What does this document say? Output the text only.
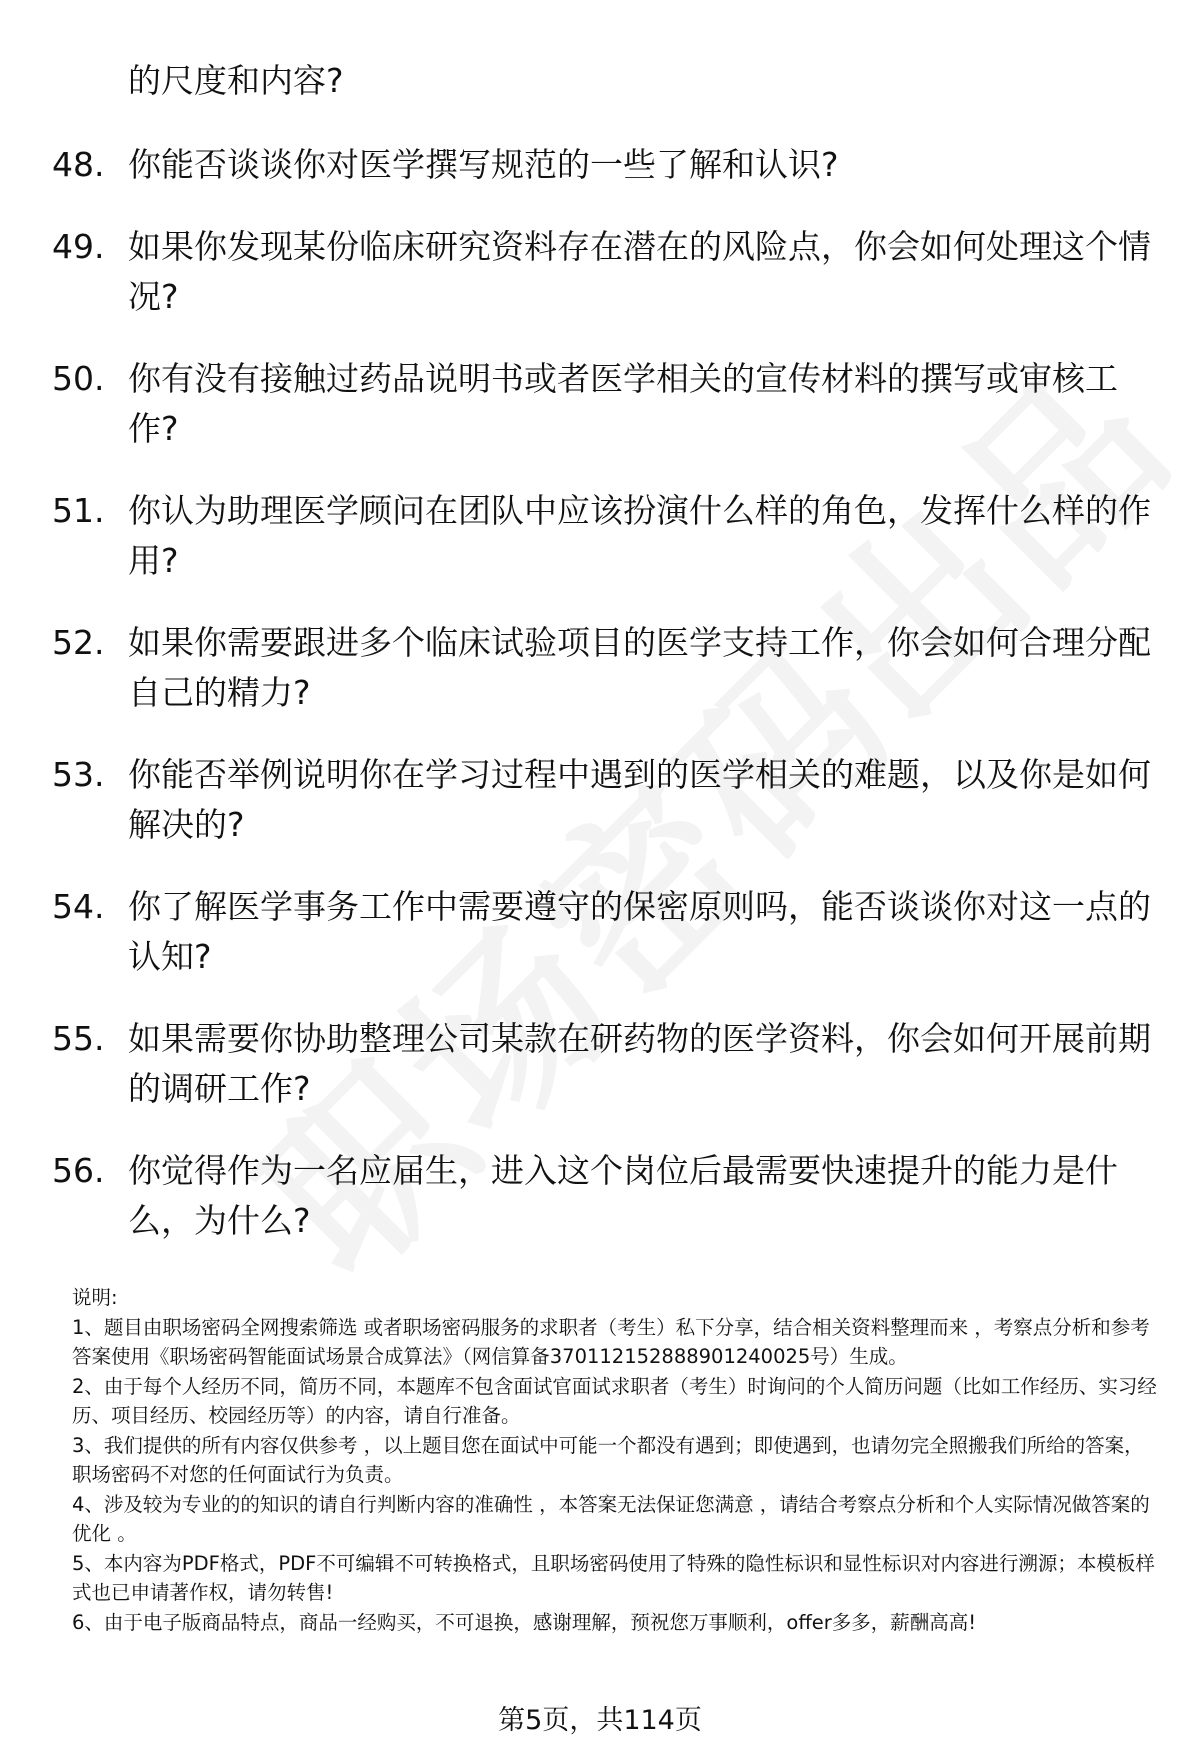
的尺度和内容?

48. 你能否谈谈你对医学撰写规范的一些了解和认识?
49. 如果你发现某份临床研究资料存在潜在的风险点，你会如何处理这个情况?
50. 你有没有接触过药品说明书或者医学相关的宣传材料的撰写或审核工作?
51. 你认为助理医学顾问在团队中应该扮演什么样的角色，发挥什么样的作用?
52. 如果你需要跟进多个临床试验项目的医学支持工作，你会如何合理分配自己的精力?
53. 你能否举例说明你在学习过程中遇到的医学相关的难题，以及你是如何解决的?
54. 你了解医学事务工作中需要遵守的保密原则吗，能否谈谈你对这一点的认知?
55. 如果需要你协助整理公司某款在研药物的医学资料，你会如何开展前期的调研工作?
56. 你觉得作为一名应届生，进入这个岗位后最需要快速提升的能力是什么，为什么?
说明:
1、题目由职场密码全网搜索筛选 或者职场密码服务的求职者（考生）私下分享，结合相关资料整理而来 ，考察点分析和参考答案使用《职场密码智能面试场景合成算法》（网信算备370112152888901240025号）生成。
2、由于每个人经历不同，简历不同，本题库不包含面试官面试求职者（考生）时询问的个人简历问题（比如工作经历、实习经历、项目经历、校园经历等）的内容，请自行准备。
3、我们提供的所有内容仅供参考 ，以上题目您在面试中可能一个都没有遇到；即使遇到，也请勿完全照搬我们所给的答案，职场密码不对您的任何面试行为负责。
4、涉及较为专业的的知识的请自行判断内容的准确性 ，本答案无法保证您满意 ，请结合考察点分析和个人实际情况做答案的优化 。
5、本内容为PDF格式，PDF不可编辑不可转换格式，且职场密码使用了特殊的隐性标识和显性标识对内容进行溯源；本模板样式也已申请著作权，请勿转售!
6、由于电子版商品特点，商品一经购买，不可退换，感谢理解，预祝您万事顺利，offer多多，薪酬高高!
第5页，共114页
